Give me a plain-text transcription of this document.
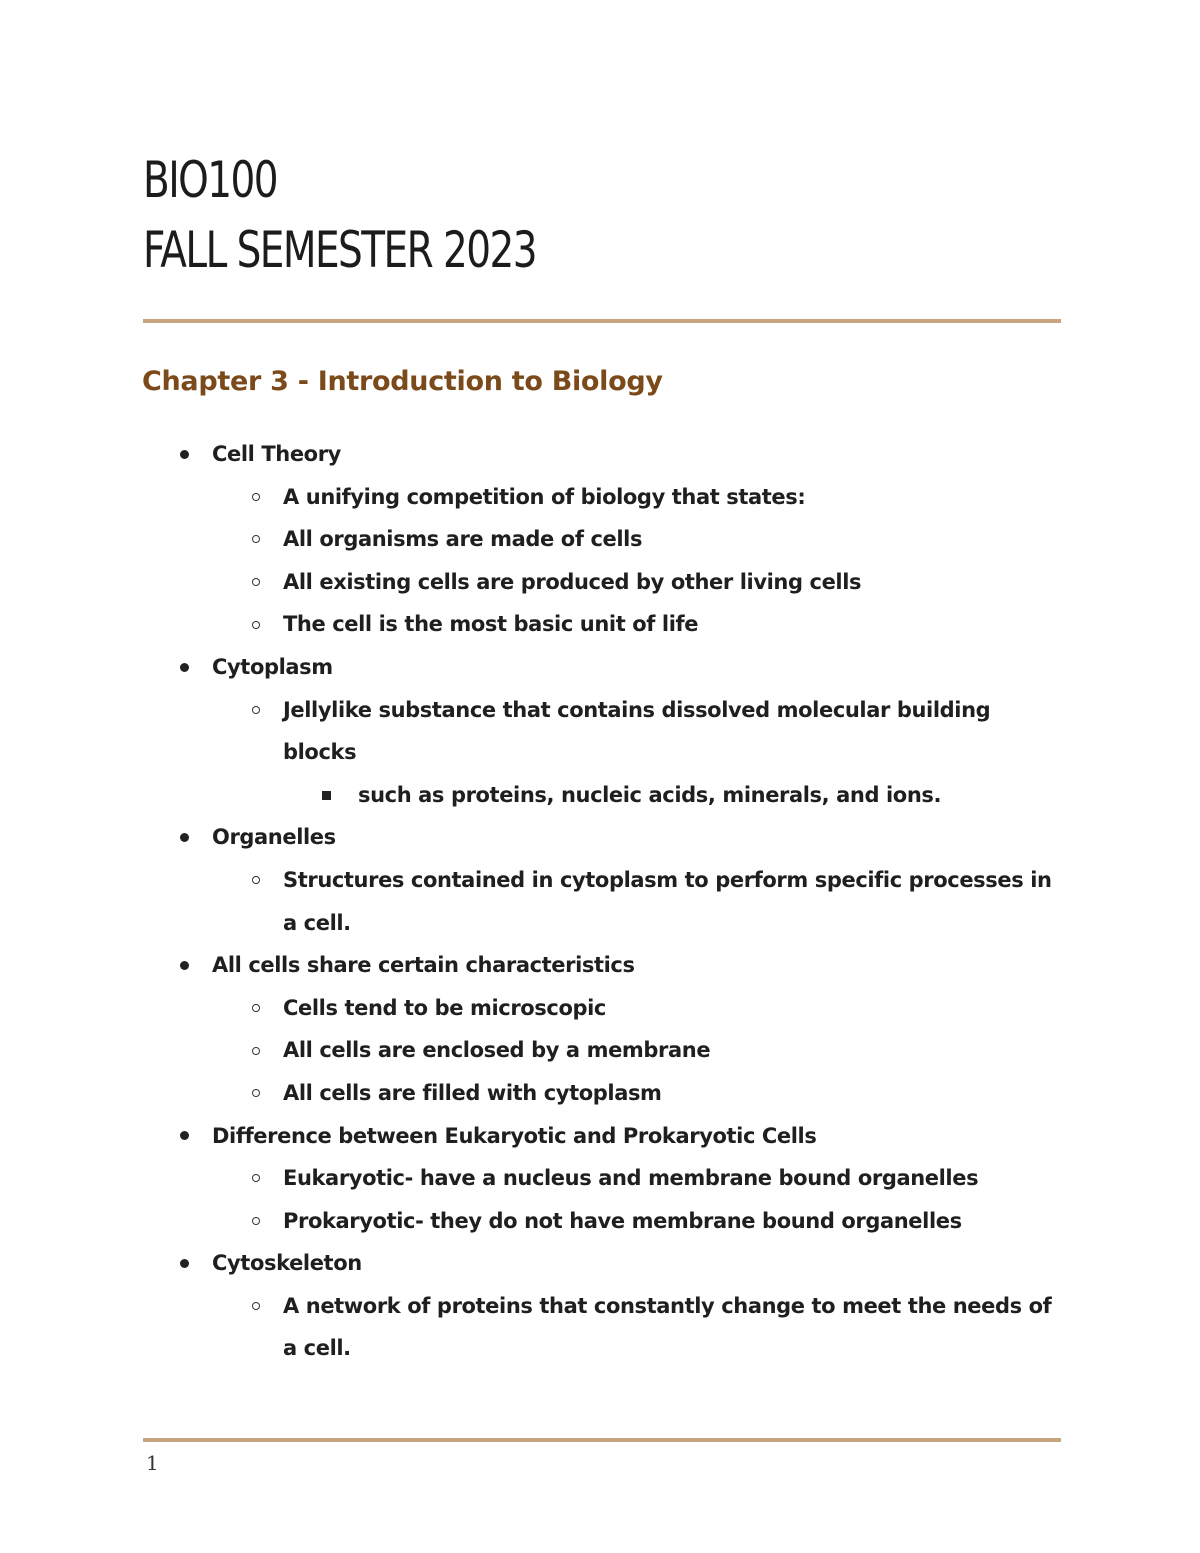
BIO100
FALL SEMESTER 2023
Chapter 3 - Introduction to Biology
Cell Theory
A unifying competition of biology that states:
All organisms are made of cells
All existing cells are produced by other living cells
The cell is the most basic unit of life
Cytoplasm
Jellylike substance that contains dissolved molecular building blocks
such as proteins, nucleic acids, minerals, and ions.
Organelles
Structures contained in cytoplasm to perform specific processes in a cell.
All cells share certain characteristics
Cells tend to be microscopic
All cells are enclosed by a membrane
All cells are filled with cytoplasm
Difference between Eukaryotic and Prokaryotic Cells
Eukaryotic- have a nucleus and membrane bound organelles
Prokaryotic- they do not have membrane bound organelles
Cytoskeleton
A network of proteins that constantly change to meet the needs of a cell.
1
